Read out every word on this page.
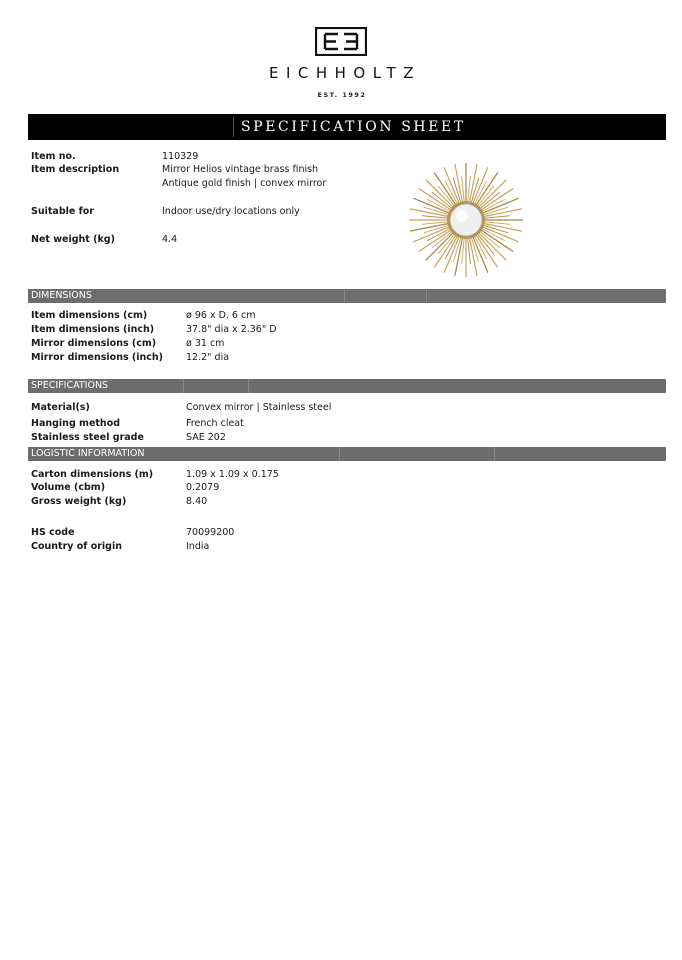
EICHHOLTZ
EST. 1992
SPECIFICATION SHEET
Item no.	110329
Item description	Mirror Helios vintage brass finish
Antique gold finish | convex mirror
Suitable for	Indoor use/dry locations only
Net weight (kg)	4.4
DIMENSIONS
Item dimensions (cm)	ø 96 x D. 6 cm
Item dimensions (inch)	37.8" dia x 2.36" D
Mirror dimensions (cm)	ø 31 cm
Mirror dimensions (inch) 12.2" dia
SPECIFICATIONS
Material(s)	Convex mirror | Stainless steel
Hanging method	French cleat
Stainless steel grade	SAE 202
LOGISTIC INFORMATION
Carton dimensions (m)	1.09 x 1.09 x 0.175
Volume (cbm)	0.2079
Gross weight (kg)	8.40
HS code	70099200
Country of origin	India
